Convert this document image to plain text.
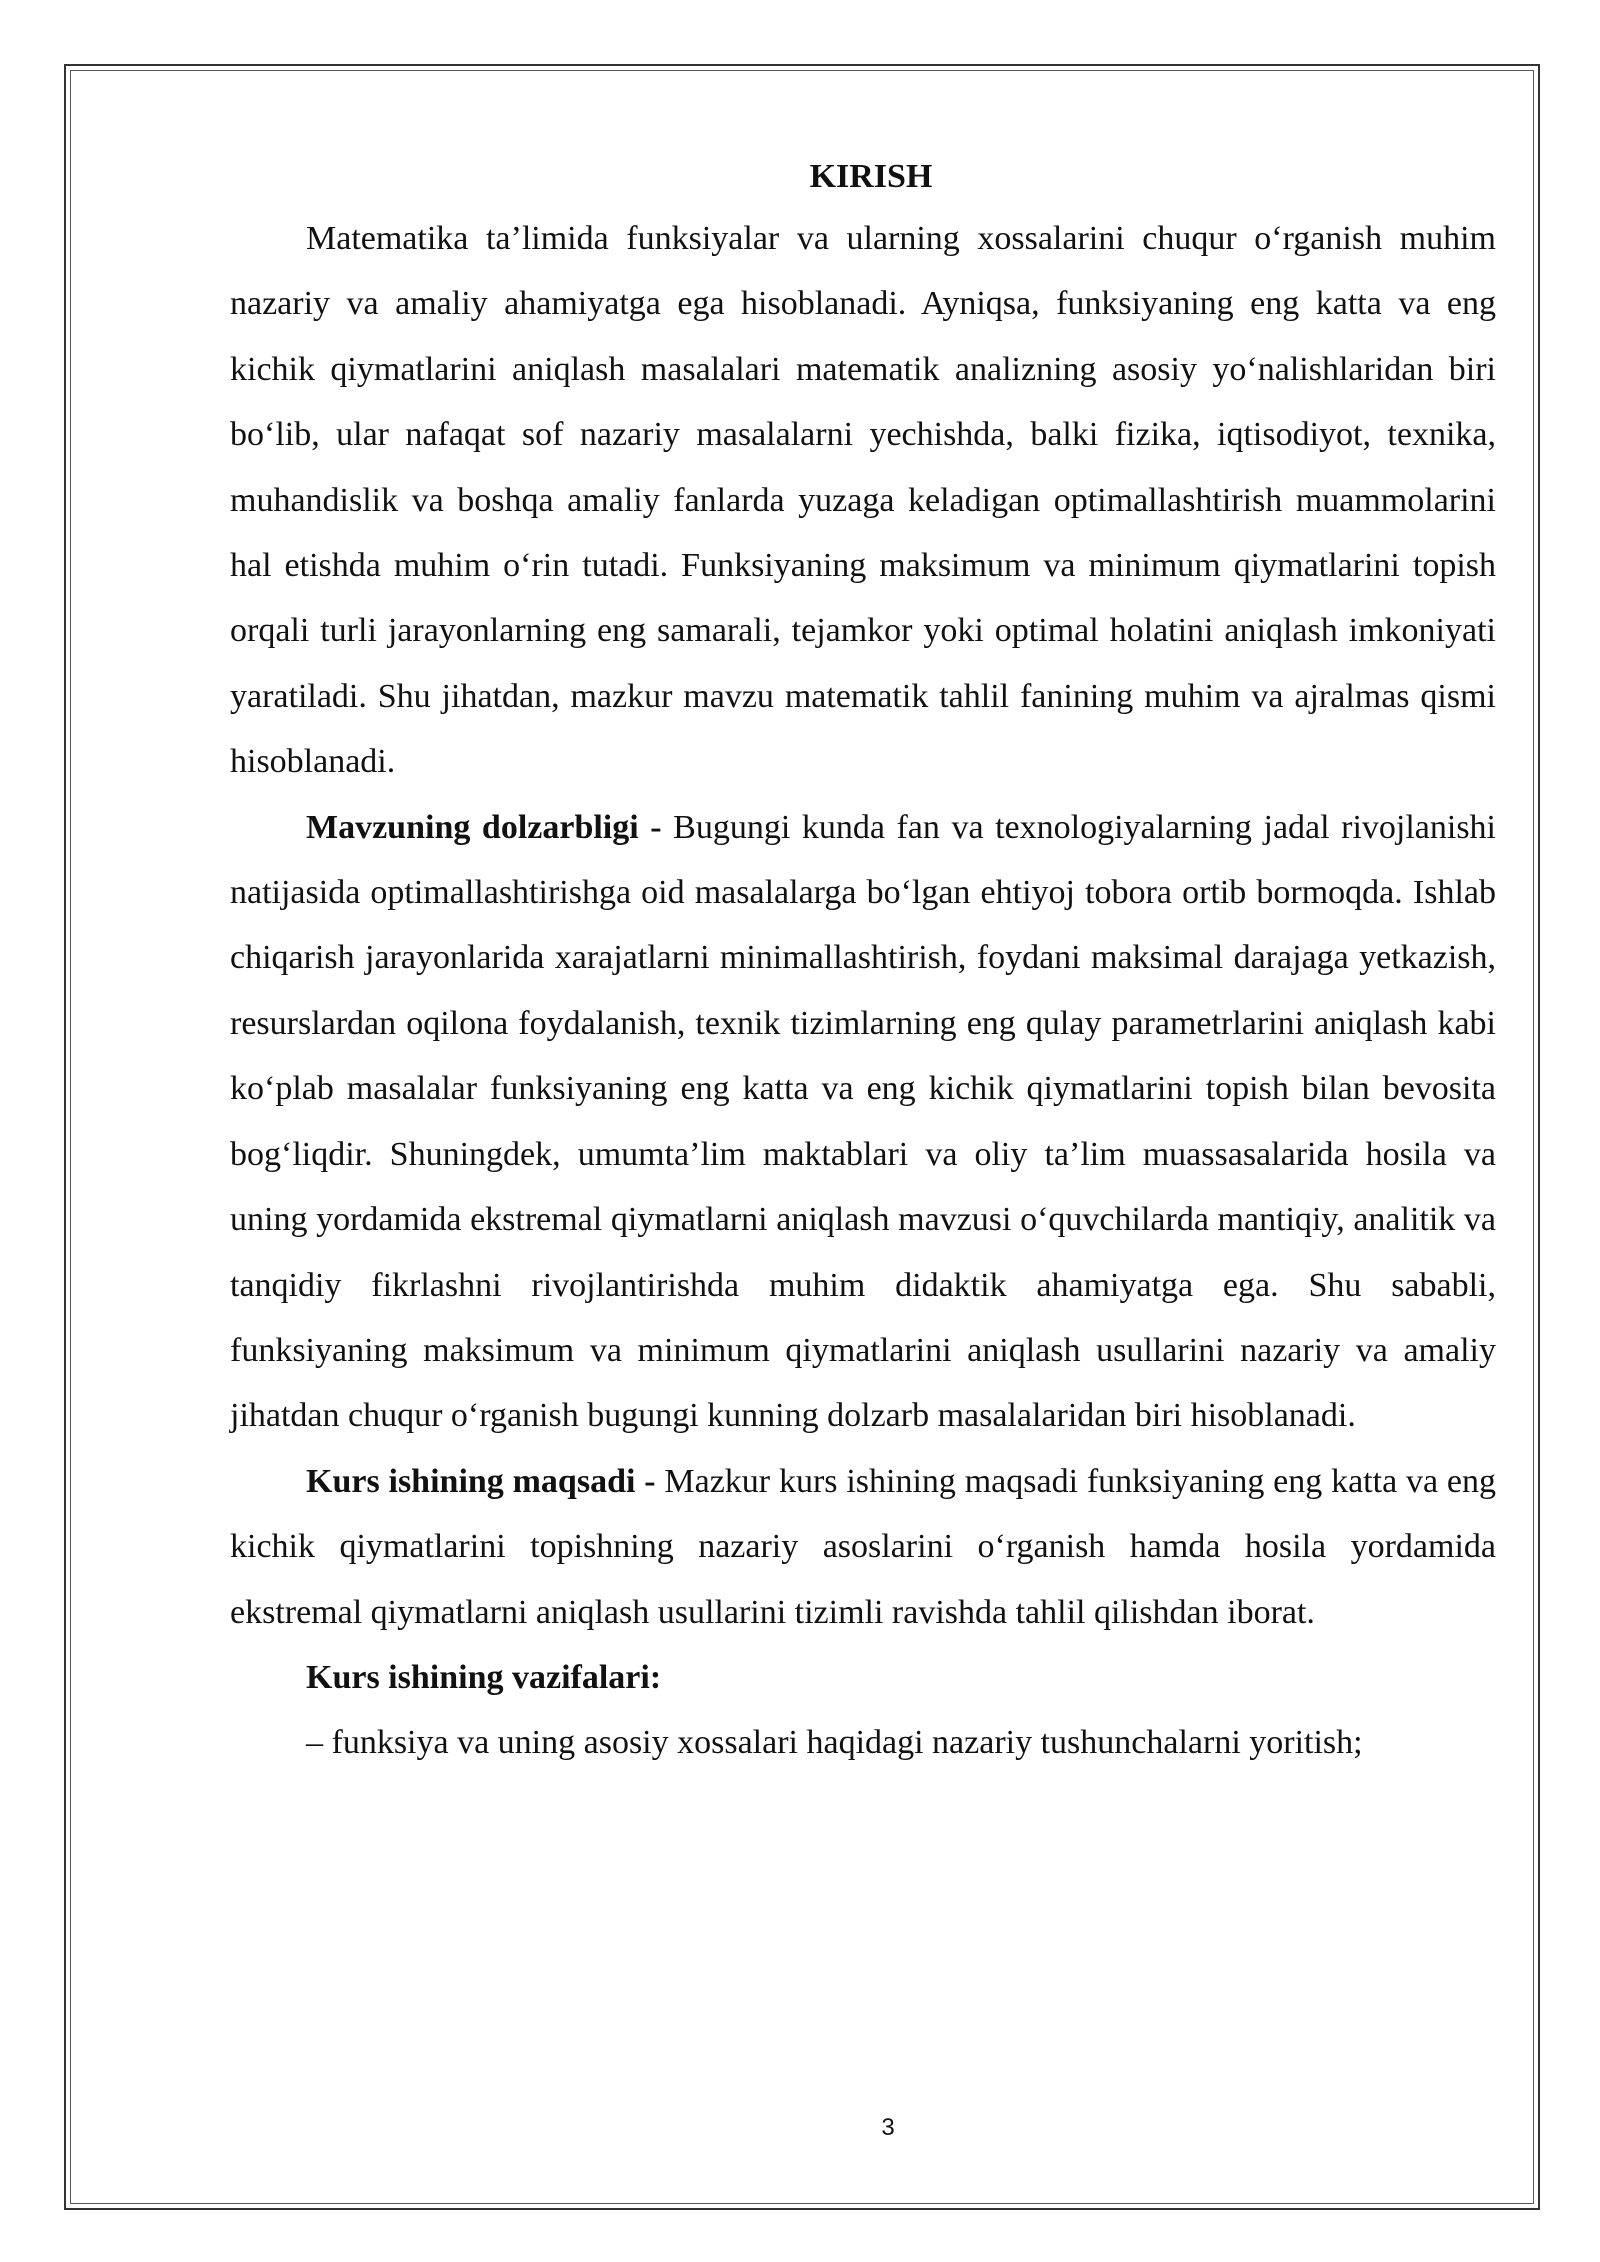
KIRISH

Matematika ta’limida funksiyalar va ularning xossalarini chuqur o‘rganish muhim nazariy va amaliy ahamiyatga ega hisoblanadi. Ayniqsa, funksiyaning eng katta va eng kichik qiymatlarini aniqlash masalalari matematik analizning asosiy yo‘nalishlaridan biri bo‘lib, ular nafaqat sof nazariy masalalarni yechishda, balki fizika, iqtisodiyot, texnika, muhandislik va boshqa amaliy fanlarda yuzaga keladigan optimallashtirish muammolarini hal etishda muhim o‘rin tutadi. Funksiyaning maksimum va minimum qiymatlarini topish orqali turli jarayonlarning eng samarali, tejamkor yoki optimal holatini aniqlash imkoniyati yaratiladi. Shu jihatdan, mazkur mavzu matematik tahlil fanining muhim va ajralmas qismi hisoblanadi.

Mavzuning dolzarbligi - Bugungi kunda fan va texnologiyalarning jadal rivojlanishi natijasida optimallashtirishga oid masalalarga bo‘lgan ehtiyoj tobora ortib bormoqda. Ishlab chiqarish jarayonlarida xarajatlarni minimallashtirish, foydani maksimal darajaga yetkazish, resurslardan oqilona foydalanish, texnik tizimlarning eng qulay parametrlarini aniqlash kabi ko‘plab masalalar funksiyaning eng katta va eng kichik qiymatlarini topish bilan bevosita bog‘liqdir. Shuningdek, umumta’lim maktablari va oliy ta’lim muassasalarida hosila va uning yordamida ekstremal qiymatlarni aniqlash mavzusi o‘quvchilarda mantiqiy, analitik va tanqidiy fikrlashni rivojlantirishda muhim didaktik ahamiyatga ega. Shu sababli, funksiyaning maksimum va minimum qiymatlarini aniqlash usullarini nazariy va amaliy jihatdan chuqur o‘rganish bugungi kunning dolzarb masalalaridan biri hisoblanadi.

Kurs ishining maqsadi - Mazkur kurs ishining maqsadi funksiyaning eng katta va eng kichik qiymatlarini topishning nazariy asoslarini o‘rganish hamda hosila yordamida ekstremal qiymatlarni aniqlash usullarini tizimli ravishda tahlil qilishdan iborat.

Kurs ishining vazifalari:

– funksiya va uning asosiy xossalari haqidagi nazariy tushunchalarni yoritish;

3
